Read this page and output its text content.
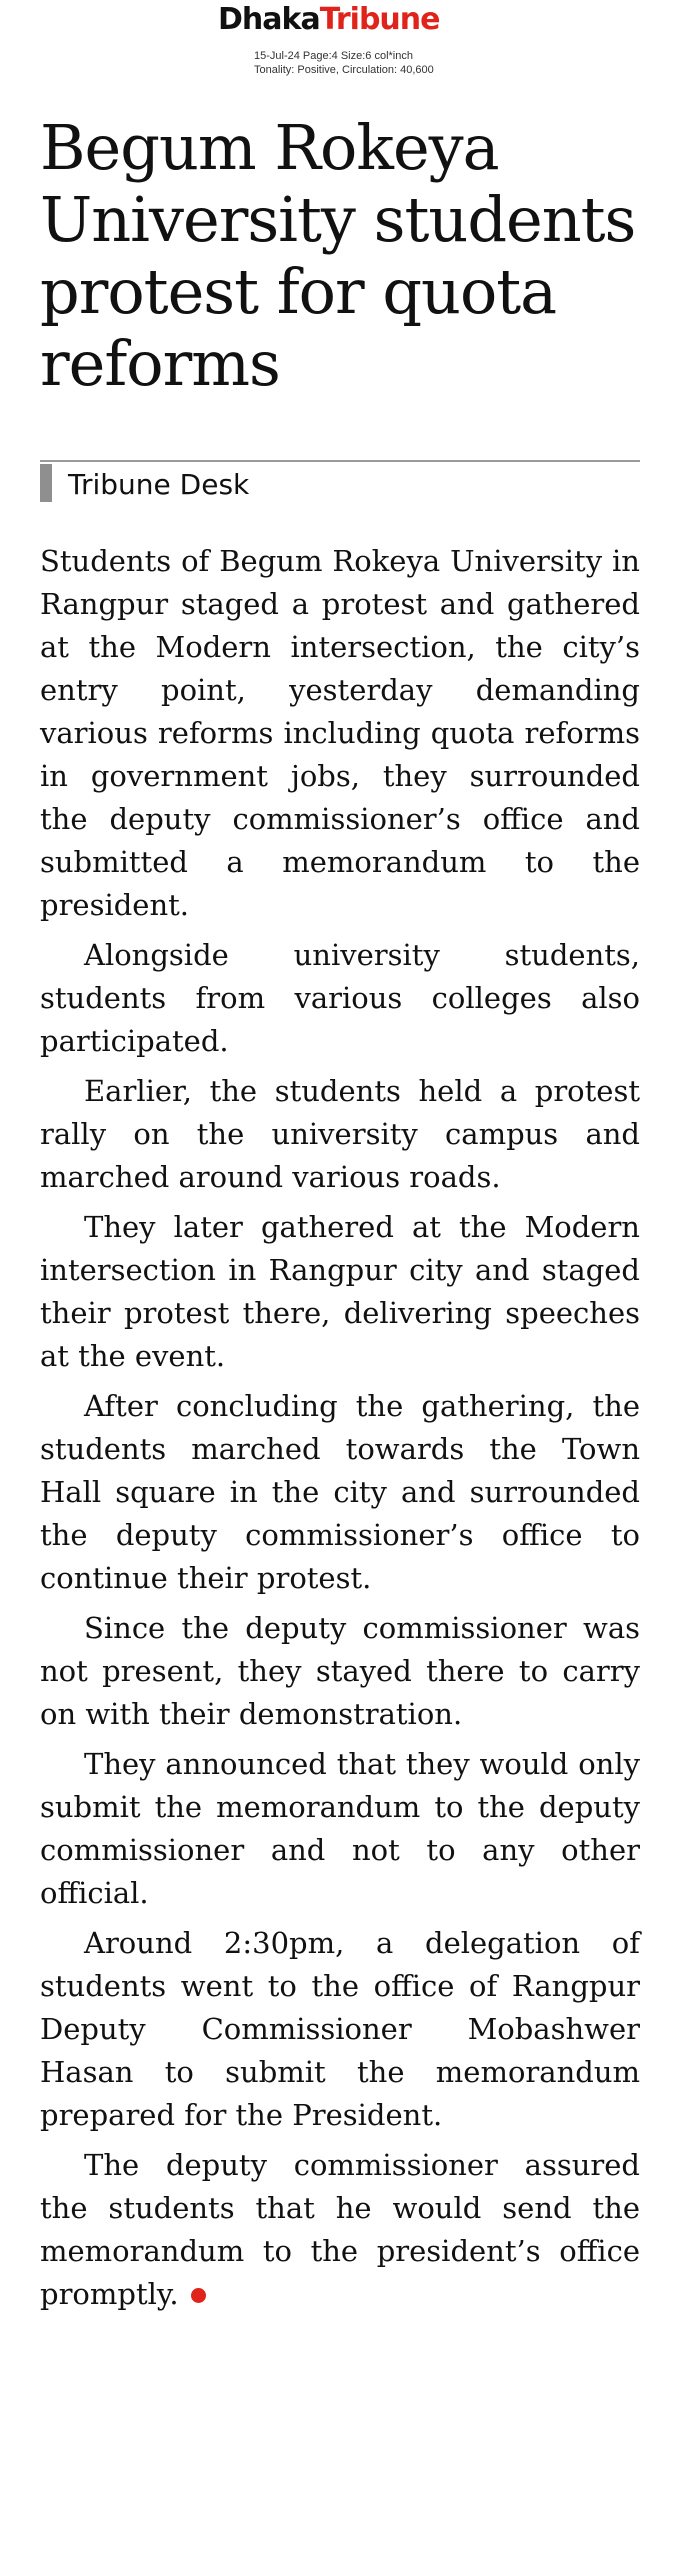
DhakaTribune
15-Jul-24 Page:4 Size:6 col*inch
Tonality: Positive, Circulation: 40,600
Begum Rokeya University students protest for quota reforms
Tribune Desk

Students of Begum Rokeya University in Rangpur staged a protest and gathered at the Modern intersection, the city’s entry point, yesterday demanding various reforms including quota reforms in government jobs, they surrounded the deputy commissioner’s office and submitted a memorandum to the president.

Alongside university students, students from various colleges also participated.

Earlier, the students held a protest rally on the university campus and marched around various roads.

They later gathered at the Modern intersection in Rangpur city and staged their protest there, delivering speeches at the event.

After concluding the gathering, the students marched towards the Town Hall square in the city and surrounded the deputy commissioner’s office to continue their protest.

Since the deputy commissioner was not present, they stayed there to carry on with their demonstration.

They announced that they would only submit the memorandum to the deputy commissioner and not to any other official.

Around 2:30pm, a delegation of students went to the office of Rangpur Deputy Commissioner Mobashwer Hasan to submit the memorandum prepared for the President.

The deputy commissioner assured the students that he would send the memorandum to the president’s office promptly.
